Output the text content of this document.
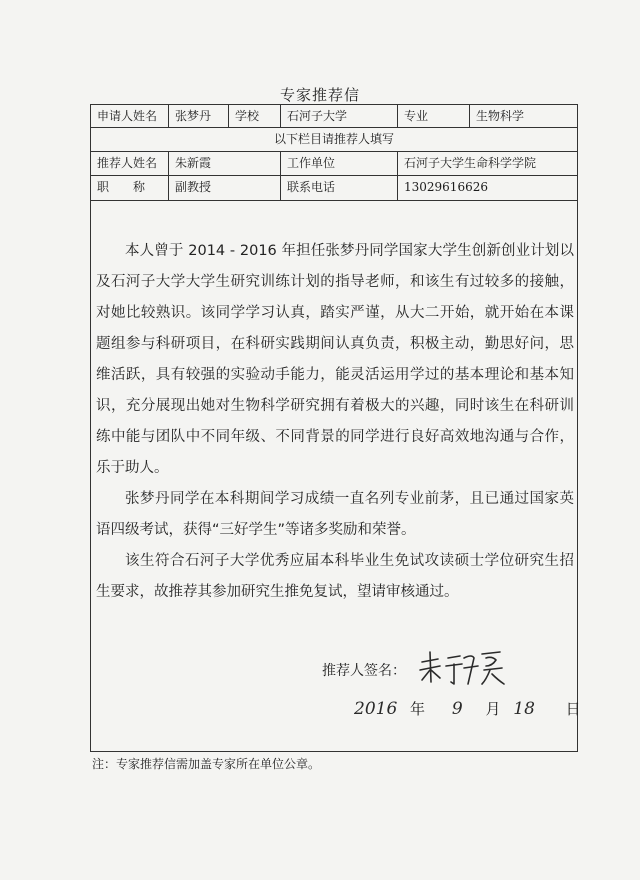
专家推荐信
申请人姓名	张梦丹	学校	石河子大学	专业	生物科学
以下栏目请推荐人填写
推荐人姓名	朱新霞	工作单位	石河子大学生命科学学院
职　　称	副教授	联系电话	13029616626

本人曾于 2014 - 2016 年担任张梦丹同学国家大学生创新创业计划以及石河子大学大学生研究训练计划的指导老师，和该生有过较多的接触，对她比较熟识。该同学学习认真，踏实严谨，从大二开始，就开始在本课题组参与科研项目，在科研实践期间认真负责，积极主动，勤思好问，思维活跃，具有较强的实验动手能力，能灵活运用学过的基本理论和基本知识，充分展现出她对生物科学研究拥有着极大的兴趣，同时该生在科研训练中能与团队中不同年级、不同背景的同学进行良好高效地沟通与合作，乐于助人。

张梦丹同学在本科期间学习成绩一直名列专业前茅，且已通过国家英语四级考试，获得“三好学生”等诸多奖励和荣誉。

该生符合石河子大学优秀应届本科毕业生免试攻读硕士学位研究生招生要求，故推荐其参加研究生推免复试，望请审核通过。

推荐人签名：
2016 年 9 月 18 日
注：专家推荐信需加盖专家所在单位公章。
